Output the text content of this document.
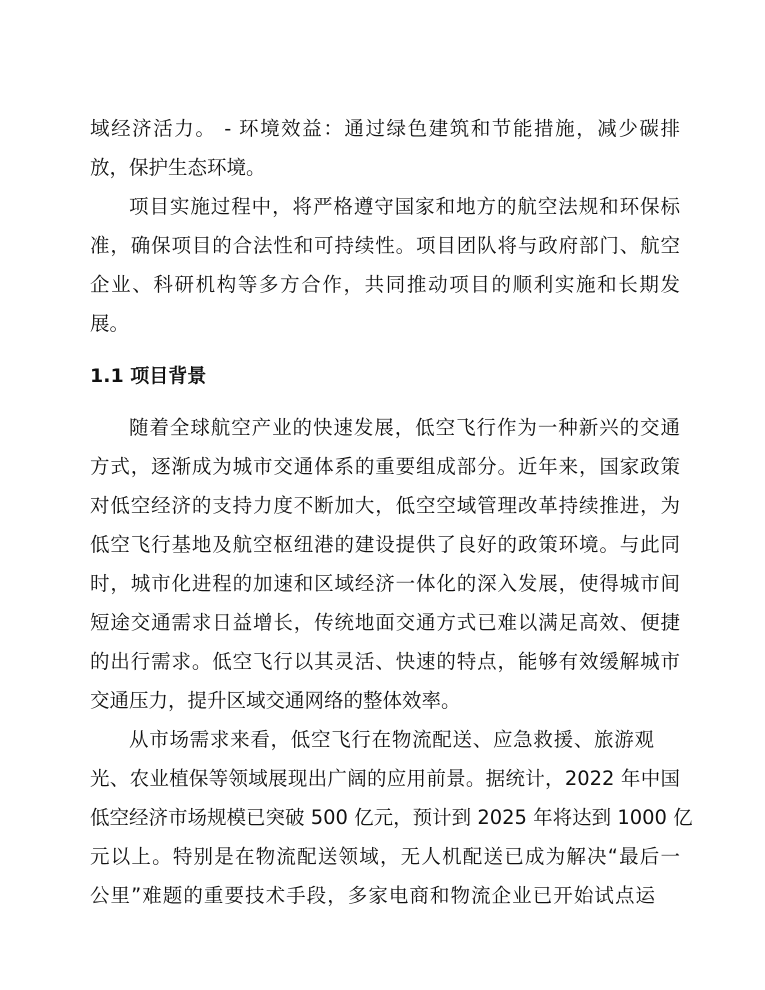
域经济活力。 - 环境效益：通过绿色建筑和节能措施，减少碳排
放，保护生态环境。
项目实施过程中，将严格遵守国家和地方的航空法规和环保标
准，确保项目的合法性和可持续性。项目团队将与政府部门、航空
企业、科研机构等多方合作，共同推动项目的顺利实施和长期发
展。
1.1 项目背景
随着全球航空产业的快速发展，低空飞行作为一种新兴的交通
方式，逐渐成为城市交通体系的重要组成部分。近年来，国家政策
对低空经济的支持力度不断加大，低空空域管理改革持续推进，为
低空飞行基地及航空枢纽港的建设提供了良好的政策环境。与此同
时，城市化进程的加速和区域经济一体化的深入发展，使得城市间
短途交通需求日益增长，传统地面交通方式已难以满足高效、便捷
的出行需求。低空飞行以其灵活、快速的特点，能够有效缓解城市
交通压力，提升区域交通网络的整体效率。
从市场需求来看，低空飞行在物流配送、应急救援、旅游观
光、农业植保等领域展现出广阔的应用前景。据统计，2022 年中国
低空经济市场规模已突破 500 亿元，预计到 2025 年将达到 1000 亿
元以上。特别是在物流配送领域，无人机配送已成为解决“最后一
公里”难题的重要技术手段，多家电商和物流企业已开始试点运
